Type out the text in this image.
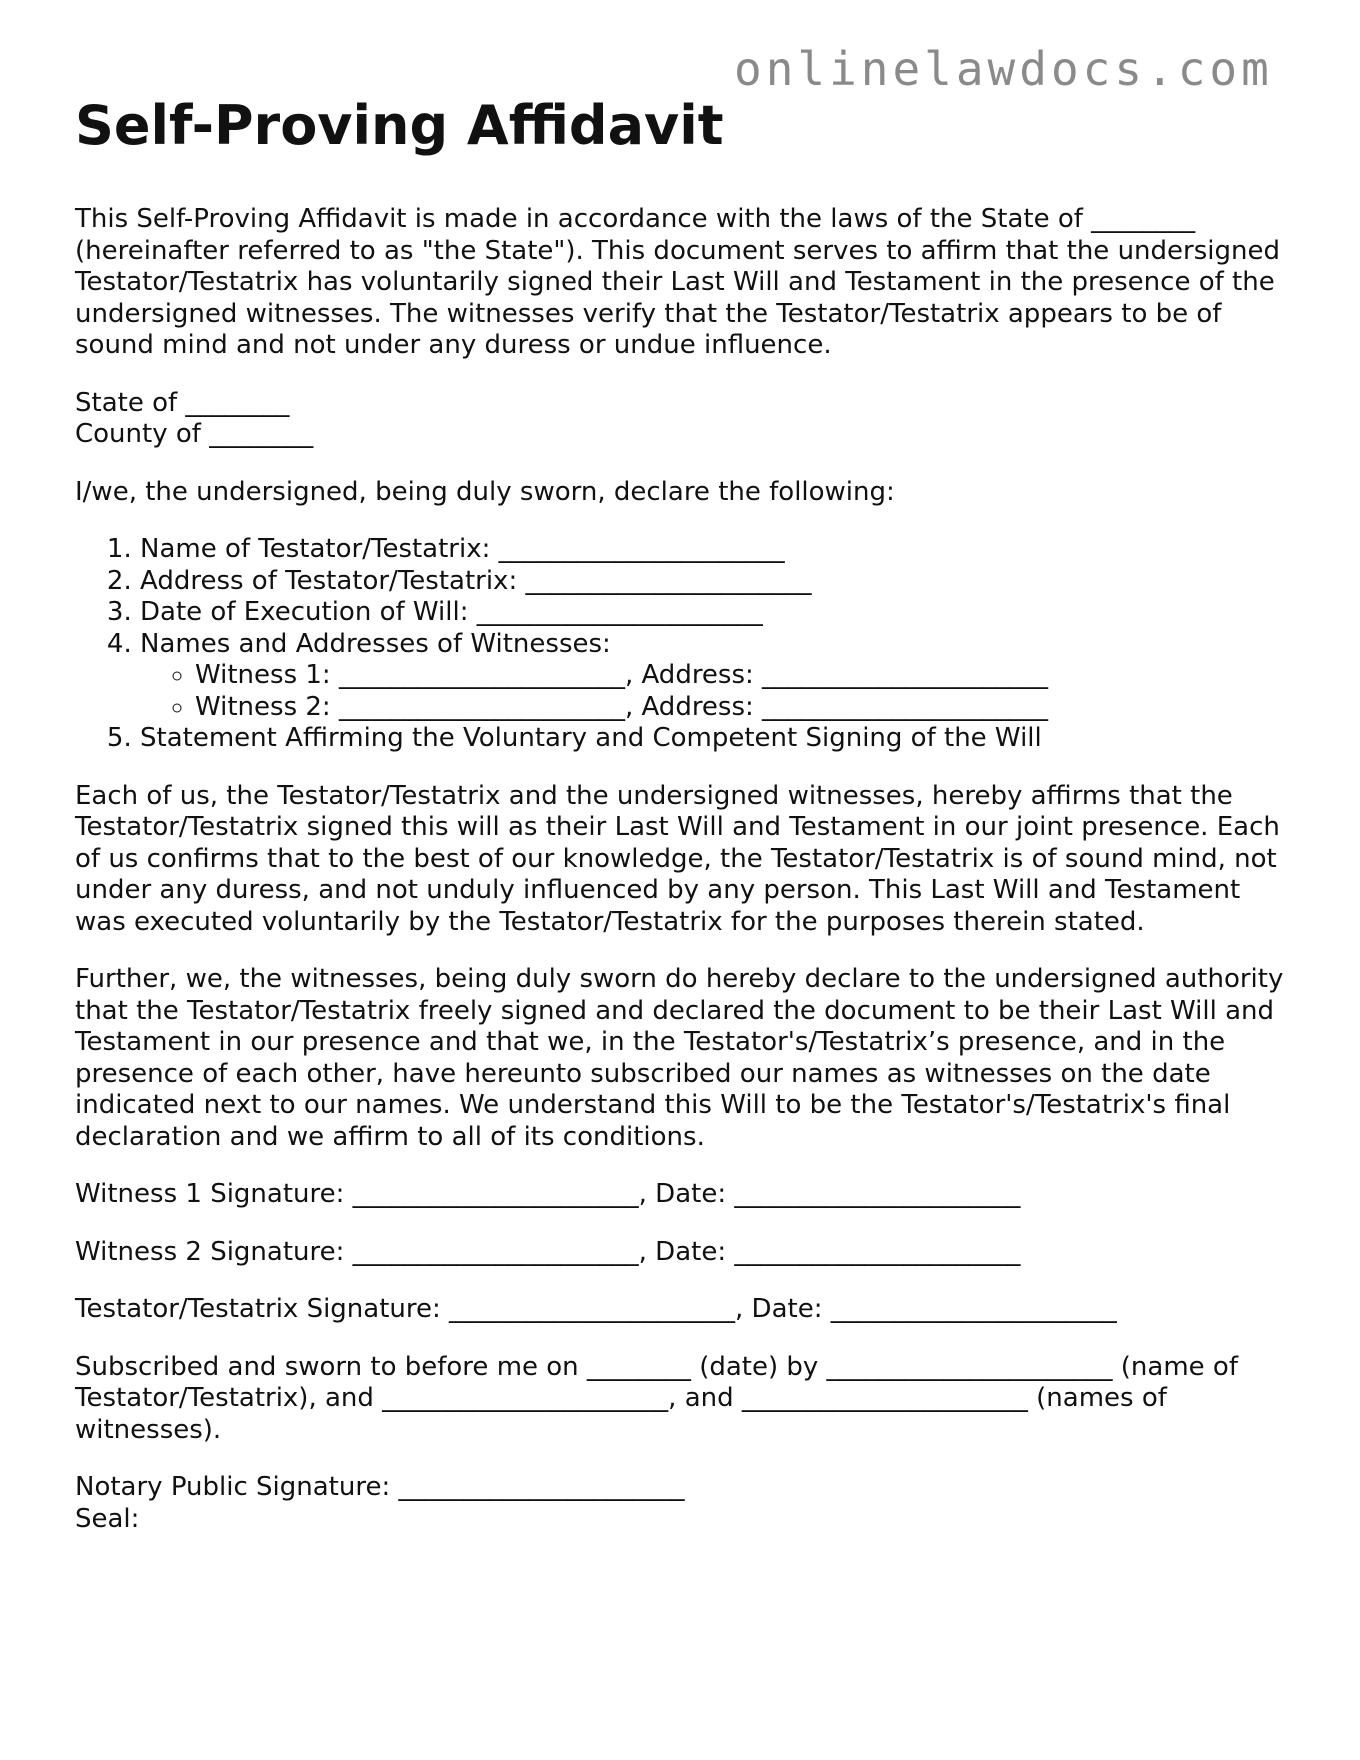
onlinelawdocs.com
Self-Proving Affidavit

This Self-Proving Affidavit is made in accordance with the laws of the State of ________ (hereinafter referred to as "the State"). This document serves to affirm that the undersigned Testator/Testatrix has voluntarily signed their Last Will and Testament in the presence of the undersigned witnesses. The witnesses verify that the Testator/Testatrix appears to be of sound mind and not under any duress or undue influence.

State of ________
County of ________

I/we, the undersigned, being duly sworn, declare the following:

1. Name of Testator/Testatrix: ______________________
2. Address of Testator/Testatrix: ______________________
3. Date of Execution of Will: ______________________
4. Names and Addresses of Witnesses:
◦ Witness 1: ______________________, Address: ______________________
◦ Witness 2: ______________________, Address: ______________________
5. Statement Affirming the Voluntary and Competent Signing of the Will

Each of us, the Testator/Testatrix and the undersigned witnesses, hereby affirms that the Testator/Testatrix signed this will as their Last Will and Testament in our joint presence. Each of us confirms that to the best of our knowledge, the Testator/Testatrix is of sound mind, not under any duress, and not unduly influenced by any person. This Last Will and Testament was executed voluntarily by the Testator/Testatrix for the purposes therein stated.

Further, we, the witnesses, being duly sworn do hereby declare to the undersigned authority that the Testator/Testatrix freely signed and declared the document to be their Last Will and Testament in our presence and that we, in the Testator's/Testatrix’s presence, and in the presence of each other, have hereunto subscribed our names as witnesses on the date indicated next to our names. We understand this Will to be the Testator's/Testatrix's final declaration and we affirm to all of its conditions.

Witness 1 Signature: ______________________, Date: ______________________
Witness 2 Signature: ______________________, Date: ______________________
Testator/Testatrix Signature: ______________________, Date: ______________________

Subscribed and sworn to before me on ________ (date) by ______________________ (name of Testator/Testatrix), and ______________________, and ______________________ (names of witnesses).

Notary Public Signature: ______________________
Seal:
